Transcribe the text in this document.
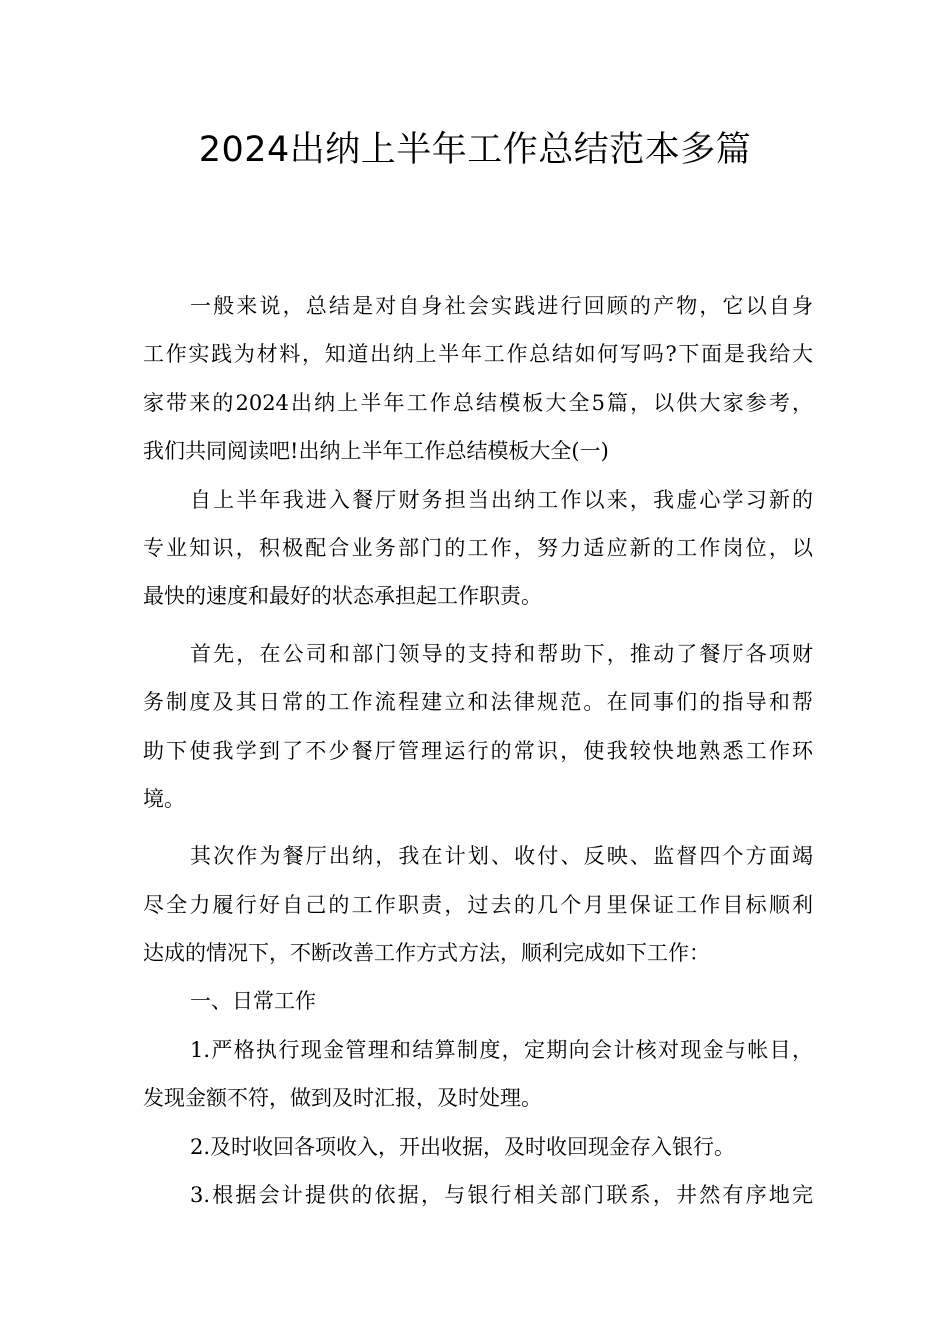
2024出纳上半年工作总结范本多篇
一般来说，总结是对自身社会实践进行回顾的产物，它以自身
工作实践为材料，知道出纳上半年工作总结如何写吗?下面是我给大
家带来的2024出纳上半年工作总结模板大全5篇，以供大家参考，
我们共同阅读吧!出纳上半年工作总结模板大全(一)
自上半年我进入餐厅财务担当出纳工作以来，我虚心学习新的
专业知识，积极配合业务部门的工作，努力适应新的工作岗位，以
最快的速度和最好的状态承担起工作职责。
首先，在公司和部门领导的支持和帮助下，推动了餐厅各项财
务制度及其日常的工作流程建立和法律规范。在同事们的指导和帮
助下使我学到了不少餐厅管理运行的常识，使我较快地熟悉工作环
境。
其次作为餐厅出纳，我在计划、收付、反映、监督四个方面竭
尽全力履行好自己的工作职责，过去的几个月里保证工作目标顺利
达成的情况下，不断改善工作方式方法，顺利完成如下工作：
一、日常工作
1.严格执行现金管理和结算制度，定期向会计核对现金与帐目，
发现金额不符，做到及时汇报，及时处理。
2.及时收回各项收入，开出收据，及时收回现金存入银行。
3.根据会计提供的依据，与银行相关部门联系，井然有序地完
